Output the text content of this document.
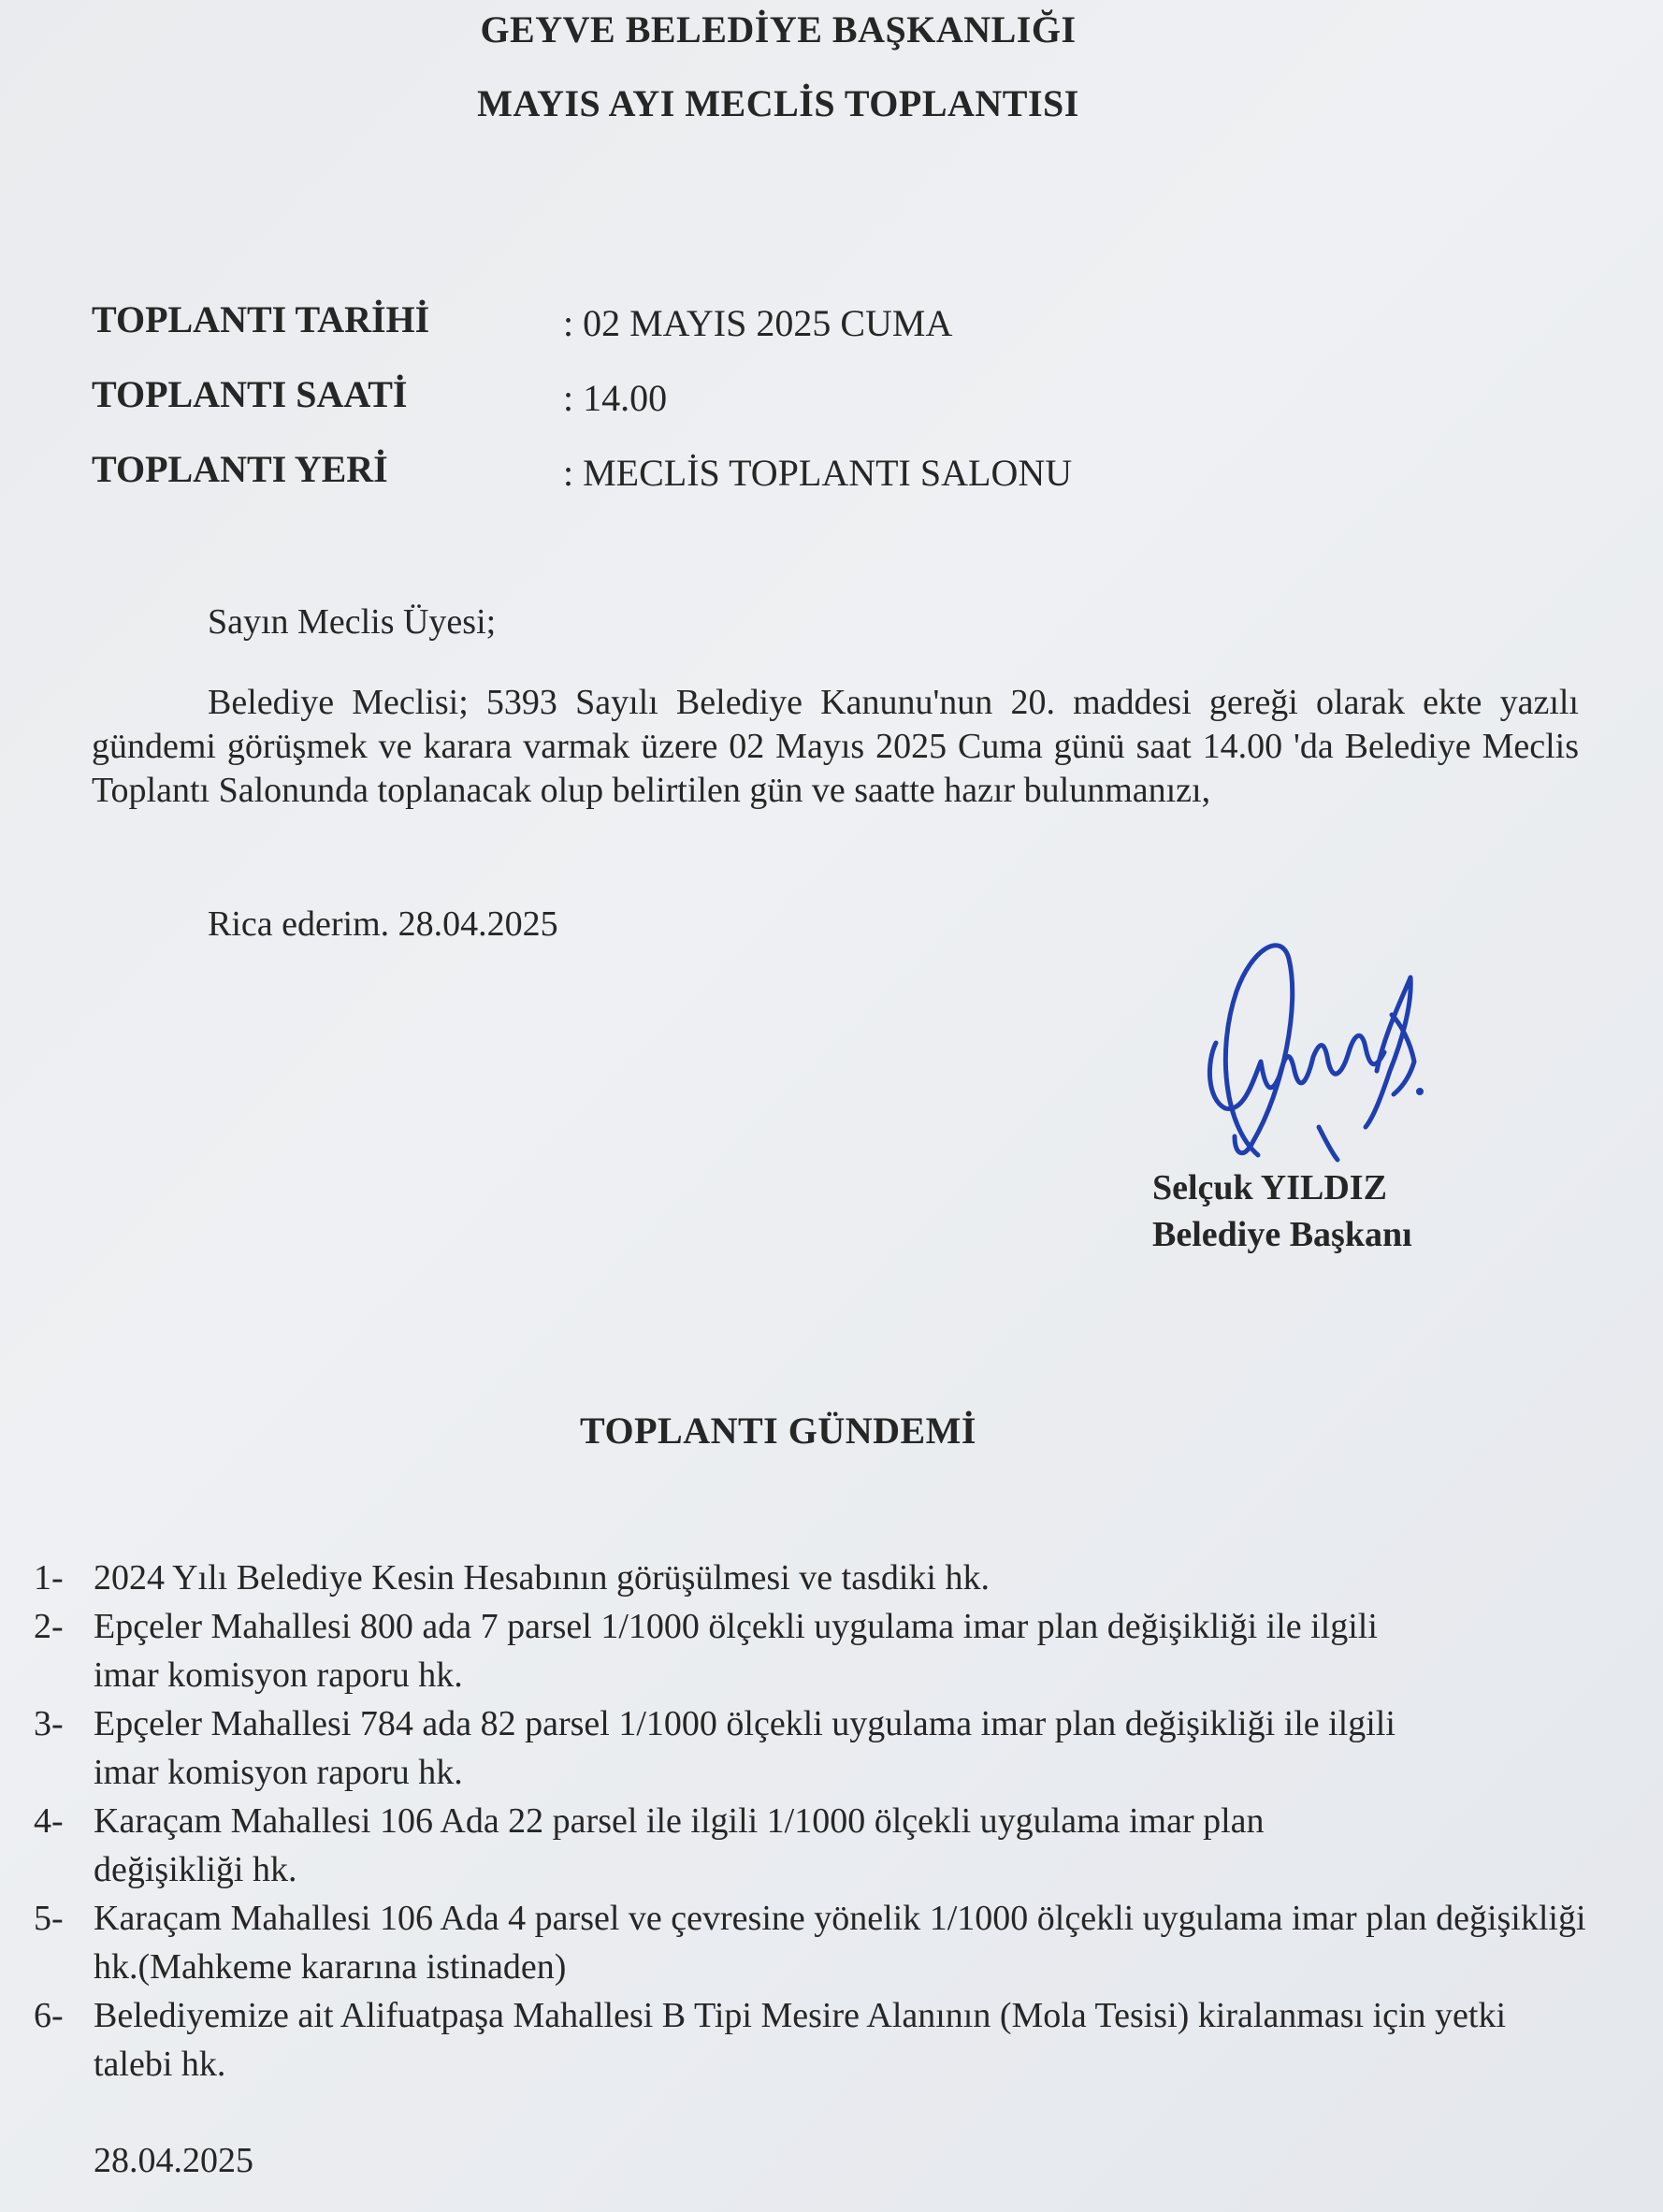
GEYVE BELEDİYE BAŞKANLIĞI
MAYIS AYI MECLİS TOPLANTISI
TOPLANTI TARİHİ	: 02 MAYIS 2025 CUMA
TOPLANTI SAATİ	: 14.00
TOPLANTI YERİ	: MECLİS TOPLANTI SALONU
Sayın Meclis Üyesi;
Belediye Meclisi; 5393 Sayılı Belediye Kanunu'nun 20. maddesi gereği olarak ekte yazılı gündemi görüşmek ve karara varmak üzere 02 Mayıs 2025 Cuma günü saat 14.00 'da Belediye Meclis Toplantı Salonunda toplanacak olup belirtilen gün ve saatte hazır bulunmanızı,
Rica ederim. 28.04.2025
Selçuk YILDIZ
Belediye Başkanı
TOPLANTI GÜNDEMİ
1- 2024 Yılı Belediye Kesin Hesabının görüşülmesi ve tasdiki hk.
2- Epçeler Mahallesi 800 ada 7 parsel 1/1000 ölçekli uygulama imar plan değişikliği ile ilgili imar komisyon raporu hk.
3- Epçeler Mahallesi 784 ada 82 parsel 1/1000 ölçekli uygulama imar plan değişikliği ile ilgili imar komisyon raporu hk.
4- Karaçam Mahallesi 106 Ada 22 parsel ile ilgili 1/1000 ölçekli uygulama imar plan değişikliği hk.
5- Karaçam Mahallesi 106 Ada 4 parsel ve çevresine yönelik 1/1000 ölçekli uygulama imar plan değişikliği hk.(Mahkeme kararına istinaden)
6- Belediyemize ait Alifuatpaşa Mahallesi B Tipi Mesire Alanının (Mola Tesisi) kiralanması için yetki talebi hk.
28.04.2025
